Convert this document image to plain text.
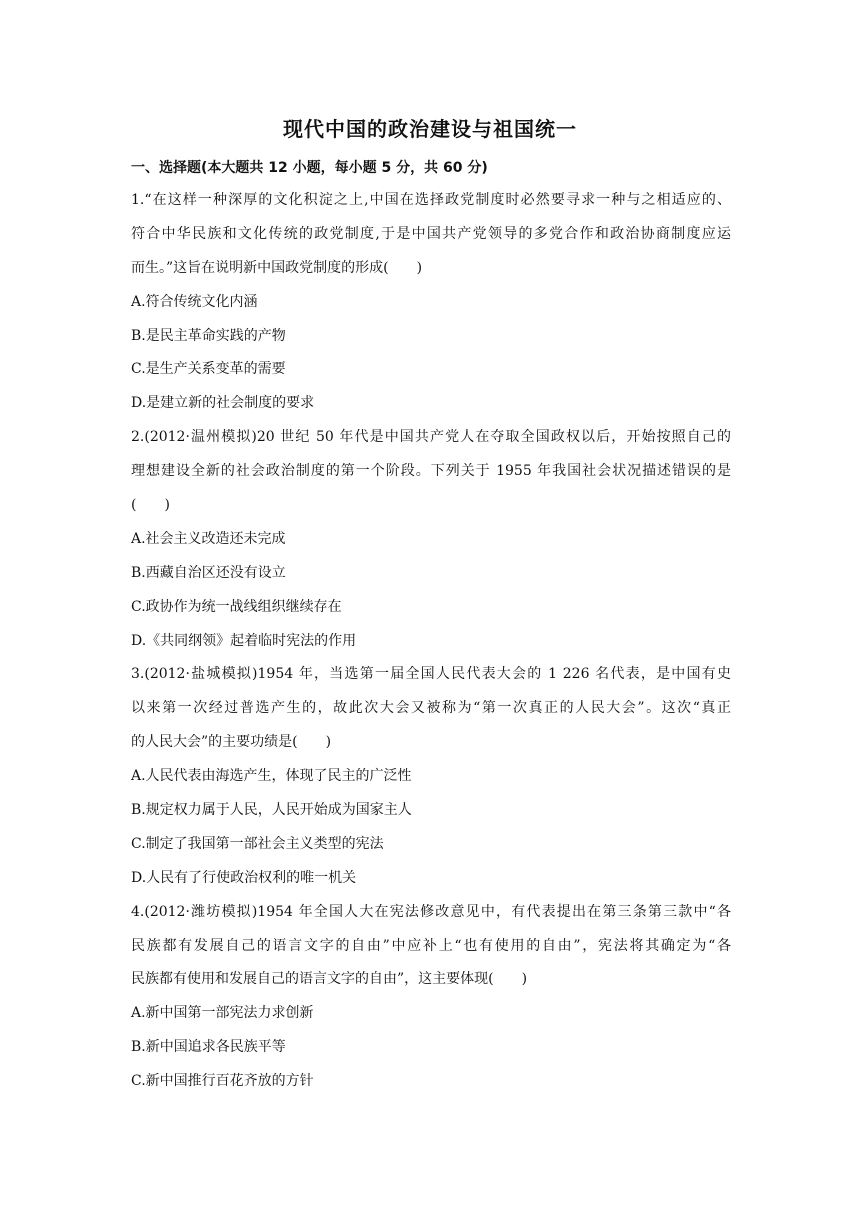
现代中国的政治建设与祖国统一
一、选择题(本大题共 12 小题，每小题 5 分，共 60 分)
1.“在这样一种深厚的文化积淀之上,中国在选择政党制度时必然要寻求一种与之相适应的、
符合中华民族和文化传统的政党制度,于是中国共产党领导的多党合作和政治协商制度应运
而生。”这旨在说明新中国政党制度的形成(　　)
A.符合传统文化内涵
B.是民主革命实践的产物
C.是生产关系变革的需要
D.是建立新的社会制度的要求
2.(2012·温州模拟)20 世纪 50 年代是中国共产党人在夺取全国政权以后，开始按照自己的
理想建设全新的社会政治制度的第一个阶段。下列关于 1955 年我国社会状况描述错误的是
(　　)
A.社会主义改造还未完成
B.西藏自治区还没有设立
C.政协作为统一战线组织继续存在
D.《共同纲领》起着临时宪法的作用
3.(2012·盐城模拟)1954 年，当选第一届全国人民代表大会的 1 226 名代表，是中国有史
以来第一次经过普选产生的，故此次大会又被称为“第一次真正的人民大会”。这次“真正
的人民大会”的主要功绩是(　　)
A.人民代表由海选产生，体现了民主的广泛性
B.规定权力属于人民，人民开始成为国家主人
C.制定了我国第一部社会主义类型的宪法
D.人民有了行使政治权利的唯一机关
4.(2012·潍坊模拟)1954 年全国人大在宪法修改意见中，有代表提出在第三条第三款中“各
民族都有发展自己的语言文字的自由”中应补上“也有使用的自由”，宪法将其确定为“各
民族都有使用和发展自己的语言文字的自由”，这主要体现(　　)
A.新中国第一部宪法力求创新
B.新中国追求各民族平等
C.新中国推行百花齐放的方针
